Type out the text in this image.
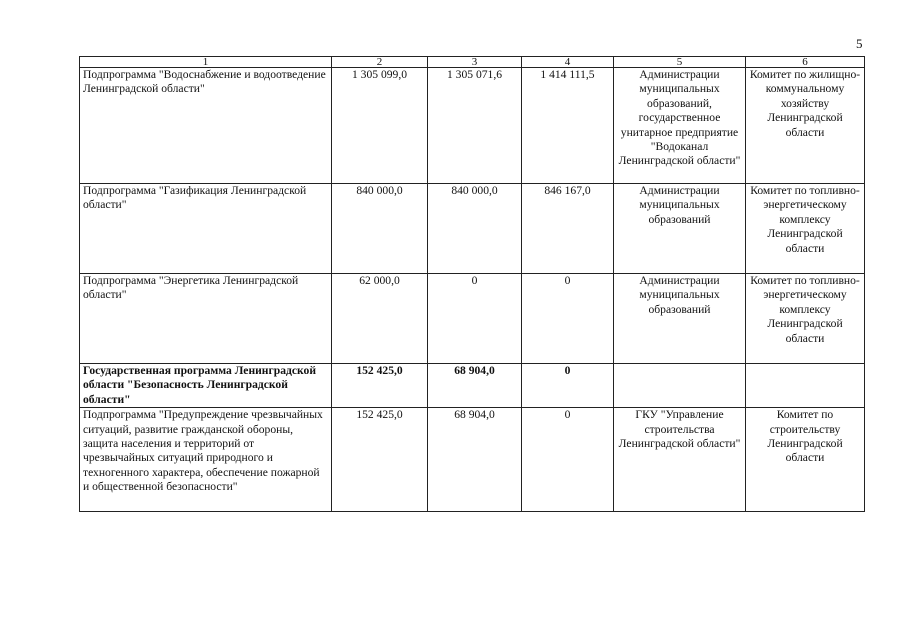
5
1	2	3	4	5	6
Подпрограмма "Водоснабжение и водоотведение Ленинградской области"	1 305 099,0	1 305 071,6	1 414 111,5	Администрации муниципальных образований, государственное унитарное предприятие "Водоканал Ленинградской области"	Комитет по жилищно-коммунальному хозяйству Ленинградской области
Подпрограмма "Газификация Ленинградской области"	840 000,0	840 000,0	846 167,0	Администрации муниципальных образований	Комитет по топливно-энергетическому комплексу Ленинградской области
Подпрограмма "Энергетика Ленинградской области"	62 000,0	0	0	Администрации муниципальных образований	Комитет по топливно-энергетическому комплексу Ленинградской области
Государственная программа Ленинградской области "Безопасность Ленинградской области"	152 425,0	68 904,0	0		
Подпрограмма "Предупреждение чрезвычайных ситуаций, развитие гражданской обороны, защита населения и территорий от чрезвычайных ситуаций природного и техногенного характера, обеспечение пожарной и общественной безопасности"	152 425,0	68 904,0	0	ГКУ "Управление строительства Ленинградской области"	Комитет по строительству Ленинградской области
